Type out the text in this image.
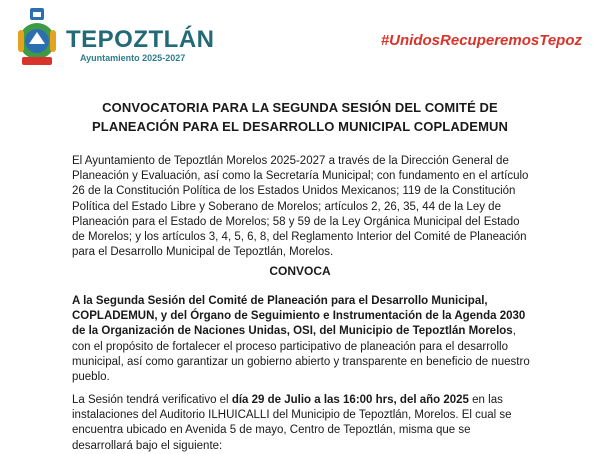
TEPOZTLÁN
Ayuntamiento 2025-2027
#UnidosRecuperemosTepoz
CONVOCATORIA PARA LA SEGUNDA SESIÓN DEL COMITÉ DE
PLANEACIÓN PARA EL DESARROLLO MUNICIPAL COPLADEMUN

El Ayuntamiento de Tepoztlán Morelos 2025-2027 a través de la Dirección General de Planeación y Evaluación, así como la Secretaría Municipal; con fundamento en el artículo 26 de la Constitución Política de los Estados Unidos Mexicanos; 119 de la Constitución Política del Estado Libre y Soberano de Morelos; artículos 2, 26, 35, 44 de la Ley de Planeación para el Estado de Morelos; 58 y 59 de la Ley Orgánica Municipal del Estado de Morelos; y los artículos 3, 4, 5, 6, 8, del Reglamento Interior del Comité de Planeación para el Desarrollo Municipal de Tepoztlán, Morelos.

CONVOCA

A la Segunda Sesión del Comité de Planeación para el Desarrollo Municipal, COPLADEMUN, y del Órgano de Seguimiento e Instrumentación de la Agenda 2030 de la Organización de Naciones Unidas, OSI, del Municipio de Tepoztlán Morelos, con el propósito de fortalecer el proceso participativo de planeación para el desarrollo municipal, así como garantizar un gobierno abierto y transparente en beneficio de nuestro pueblo.

La Sesión tendrá verificativo el día 29 de Julio a las 16:00 hrs, del año 2025 en las instalaciones del Auditorio ILHUICALLI del Municipio de Tepoztlán, Morelos. El cual se encuentra ubicado en Avenida 5 de mayo, Centro de Tepoztlán, misma que se desarrollará bajo el siguiente:
